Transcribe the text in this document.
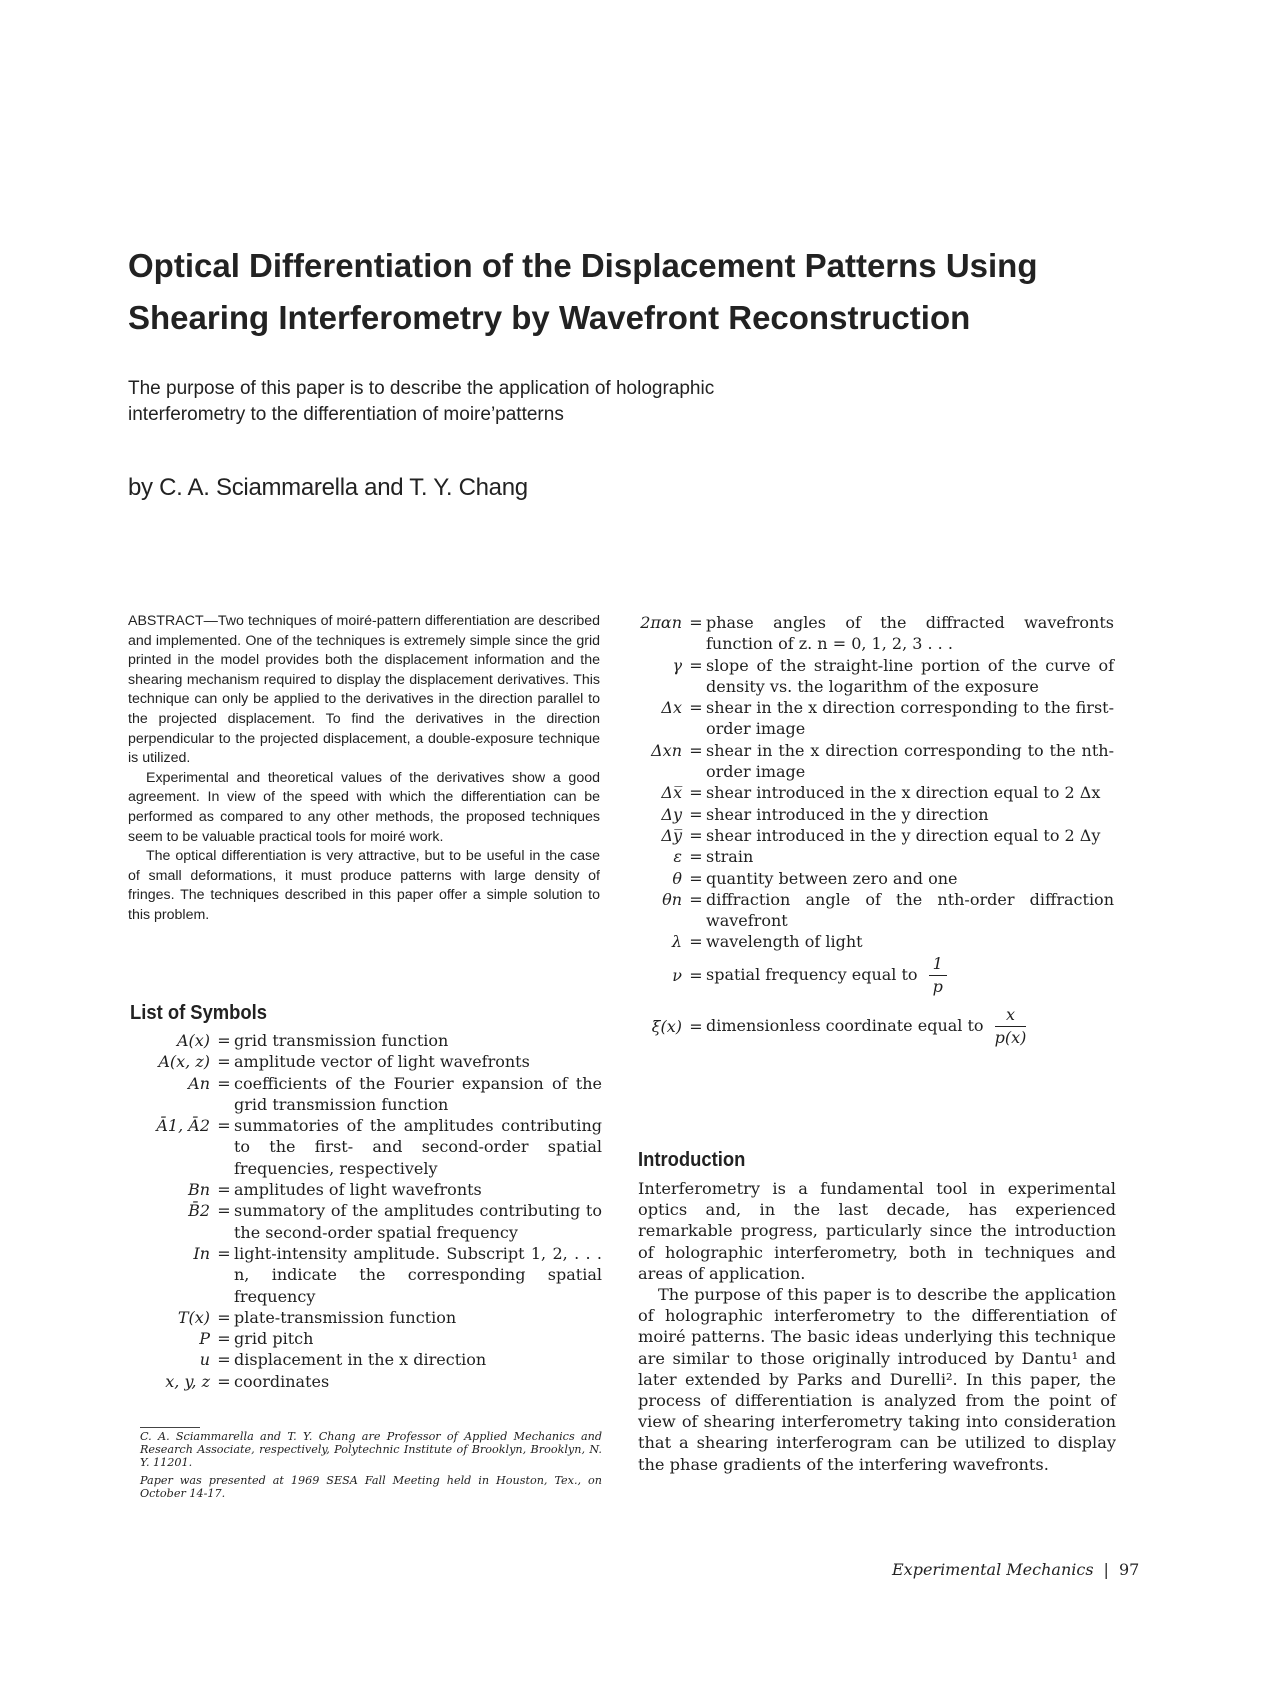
Optical Differentiation of the Displacement Patterns Using Shearing Interferometry by Wavefront Reconstruction
The purpose of this paper is to describe the application of holographic interferometry to the differentiation of moire’patterns
by C. A. Sciammarella and T. Y. Chang

ABSTRACT—Two techniques of moiré-pattern differentiation are described and implemented. One of the techniques is extremely simple since the grid printed in the model provides both the displacement information and the shearing mechanism required to display the displacement derivatives. This technique can only be applied to the derivatives in the direction parallel to the projected displacement. To find the derivatives in the direction perpendicular to the projected displacement, a double-exposure technique is utilized.

Experimental and theoretical values of the derivatives show a good agreement. In view of the speed with which the differentiation can be performed as compared to any other methods, the proposed techniques seem to be valuable practical tools for moiré work.

The optical differentiation is very attractive, but to be useful in the case of small deformations, it must produce patterns with large density of fringes. The techniques described in this paper offer a simple solution to this problem.

List of Symbols
A(x)	=	grid transmission function
A(x, z)	=	amplitude vector of light wavefronts
An	=	coefficients of the Fourier expansion of the grid transmission function
Ā1, Ā2	=	summatories of the amplitudes contributing to the first- and second-order spatial frequencies, respectively
Bn	=	amplitudes of light wavefronts
B̄2	=	summatory of the amplitudes contributing to the second-order spatial frequency
In	=	light-intensity amplitude. Subscript 1, 2, . . . n, indicate the corresponding spatial frequency
T(x)	=	plate-transmission function
P	=	grid pitch
u	=	displacement in the x direction
x, y, z	=	coordinates
2παn	=	phase angles of the diffracted wavefronts function of z. n = 0, 1, 2, 3 . . .
γ	=	slope of the straight-line portion of the curve of density vs. the logarithm of the exposure
Δx	=	shear in the x direction corresponding to the first-order image
Δxn	=	shear in the x direction corresponding to the nth-order image
Δx̅	=	shear introduced in the x direction equal to 2 Δx
Δy	=	shear introduced in the y direction
Δy̅	=	shear introduced in the y direction equal to 2 Δy
ε	=	strain
θ	=	quantity between zero and one
θn	=	diffraction angle of the nth-order diffraction wavefront
λ	=	wavelength of light
ν	=	spatial frequency equal to $\frac{1}{p}$

ξ(x)	=	dimensionless coordinate equal to $\frac{x}{p(x)}$

C. A. Sciammarella and T. Y. Chang are Professor of Applied Mechanics and Research Associate, respectively, Polytechnic Institute of Brooklyn, Brooklyn, N. Y. 11201.

Paper was presented at 1969 SESA Fall Meeting held in Houston, Tex., on October 14-17.

Introduction

Interferometry is a fundamental tool in experimental optics and, in the last decade, has experienced remarkable progress, particularly since the introduction of holographic interferometry, both in techniques and areas of application.

The purpose of this paper is to describe the application of holographic interferometry to the differentiation of moiré patterns. The basic ideas underlying this technique are similar to those originally introduced by Dantu¹ and later extended by Parks and Durelli². In this paper, the process of differentiation is analyzed from the point of view of shearing interferometry taking into consideration that a shearing interferogram can be utilized to display the phase gradients of the interfering wavefronts.

Experimental Mechanics | 97
